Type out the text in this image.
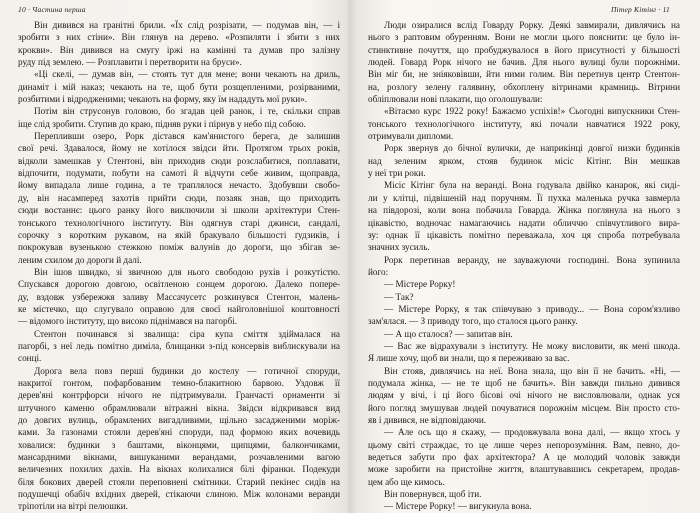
10 · Частина перша
Він дивився на гранітні брили. «Їх слід розрізати, — подумав він, — і
зробити з них стіни». Він глянув на дерево. «Розпиляти і збити з них
крокви». Він дивився на смугу іржі на камінні та думав про залізну
руду під землею. — Розплавити і перетворити на бруси».
«Ці скелі, — думав він, — стоять тут для мене; вони чекають на дриль,
динаміт і мій наказ; чекають на те, щоб бути розщепленими, розірваними,
розбитими і відродженими; чекають на форму, яку їм нададуть мої руки».
Потім він струсонув головою, бо згадав цей ранок, і те, скільки справ
іще слід зробити. Ступив до краю, підняв руки і пірнув у небо під собою.
Перепливши озеро, Рорк дістався кам'янистого берега, де залишив
свої речі. Здавалося, йому не хотілося звідси йти. Протягом трьох років,
відколи замешкав у Стентоні, він приходив сюди розслабитися, поплавати,
відпочити, подумати, побути на самоті й відчути себе живим, щоправда,
йому випадала лише година, а те траплялося нечасто. Здобувши свобо-
ду, він насамперед захотів прийти сюди, позаяк знав, що приходить
сюди востаннє: цього ранку його виключили зі школи архітектури Стен-
тонського технологічного інституту. Він одягнув старі джинси, сандалі,
сорочку з коротким рукавом, на якій бракувало більшості ґудзиків, і
покрокував вузенькою стежкою поміж валунів до дороги, що збігав зе-
леним схилом до дороги й далі.
Він ішов швидко, зі звичною для нього свободою рухів і розкутістю.
Спускався дорогою довгою, освітленою сонцем дорогою. Далеко попере-
ду, вздовж узбережжя заливу Массачусетс розкинувся Стентон, малень-
ке містечко, що слугувало оправою для своєї найголовнішої коштовності
— відомого інституту, що високо піднімався на пагорбі.
Стентон починався зі звалища: сіра купа сміття здіймалася на
пагорбі, з неї ледь помітно диміла, блищанки з-під консервів виблискували на
сонці.
Дорога вела повз перші будинки до костелу — готичної споруди,
накритої гонтом, пофарбованим темно-блакитною барвою. Уздовж її
дерев'яні контрфорси нічого не підтримували. Гранчасті орнаменти зі
штучного каменю обрамлювали вітражні вікна. Звідси відкривався вид
до довгих вулиць, обрамлених вигадливими, щільно засадженими моріж-
ками. За газонами стояли дерев'яні споруди, пад формою яких вочевидь
ховалися: будинки з баштами, віконцями, щипцями, балкончиками,
мансардними вікнами, вишуканими верандами, розчавленими вагою
величезних похилих дахів. На вікнах колихалися білі фіранки. Подекуди
біля бокових дверей стояли переповнені смітники. Старий пекінес сидів на
подушечці обабіч вхідних дверей, стікаючи слиною. Між колонами веранди
тріпотіли на вітрі пелюшки.
Пітер Кітінг · 11
Люди озиралися вслід Говарду Рорку. Деякі завмирали, дивлячись на
нього з раптовим обуренням. Вони не могли цього пояснити: це було ін-
стинктивне почуття, що пробуджувалося в його присутності у більшості
людей. Говард Рорк нічого не бачив. Для нього вулиці були порожніми.
Він міг би, не зніяковівши, йти ними голим. Він перетнув центр Стентон-
на, розлогу зелену галявину, обхоплену вітринами крамниць. Вітрини
обліплювали нові плакати, що оголошували:
«Вітаємо курс 1922 року! Бажаємо успіхів!» Сьогодні випускники Стен-
тонського технологічного інституту, які почали навчатися 1922 року,
отримували дипломи.
Рорк звернув до бічної вулички, де наприкінці довгої низки будинків
над зеленим ярком, стояв будинок місіс Кітінг. Він мешкав
у неї три роки.
Місіс Кітінг була на веранді. Вона годувала двійко канарок, які сиді-
ли у клітці, підвішеній над поручням. Її пухка маленька ручка завмерла
на півдорозі, коли вона побачила Говарда. Жінка поглянула на нього з
цікавістю, водночас намагаючись надати обличчю співчутливого вира-
зу: однак її цікавість помітно переважала, хоч ця спроба потребувала
значних зусиль.
Рорк перетинав веранду, не зауважуючи господині. Вона зупинила
його:
— Містере Рорку!
— Так?
— Містере Рорку, я так співчуваю з приводу... — Вона сором'язливо
зам'ялася. — З приводу того, що сталося цього ранку.
— А що сталося? — запитав він.
— Вас же відрахували з інституту. Не можу висловити, як мені шкода.
Я лише хочу, щоб ви знали, що я переживаю за вас.
Він стояв, дивлячись на неї. Вона знала, що він її не бачить. «Ні, —
подумала жінка, — не те щоб не бачить». Він завжди пильно дивився
людям у вічі, і ці його бісові очі нічого не висловлювали, однак уся
його погляд змушував людей почуватися порожнім місцем. Він просто сто-
яв і дивився, не відповідаючи.
— Але ось що я скажу, — продовжувала вона далі, — якщо хтось у
цьому світі страждає, то це лише через непорозуміння. Вам, певно, до-
ведеться забути про фах архітектора? А це молодий чоловік завжди
може заробити на пристойне життя, влаштувавшись секретарем, продав-
цем або ще кимось.
Він повернувся, щоб іти.
— Містере Рорку! — вигукнула вона.
